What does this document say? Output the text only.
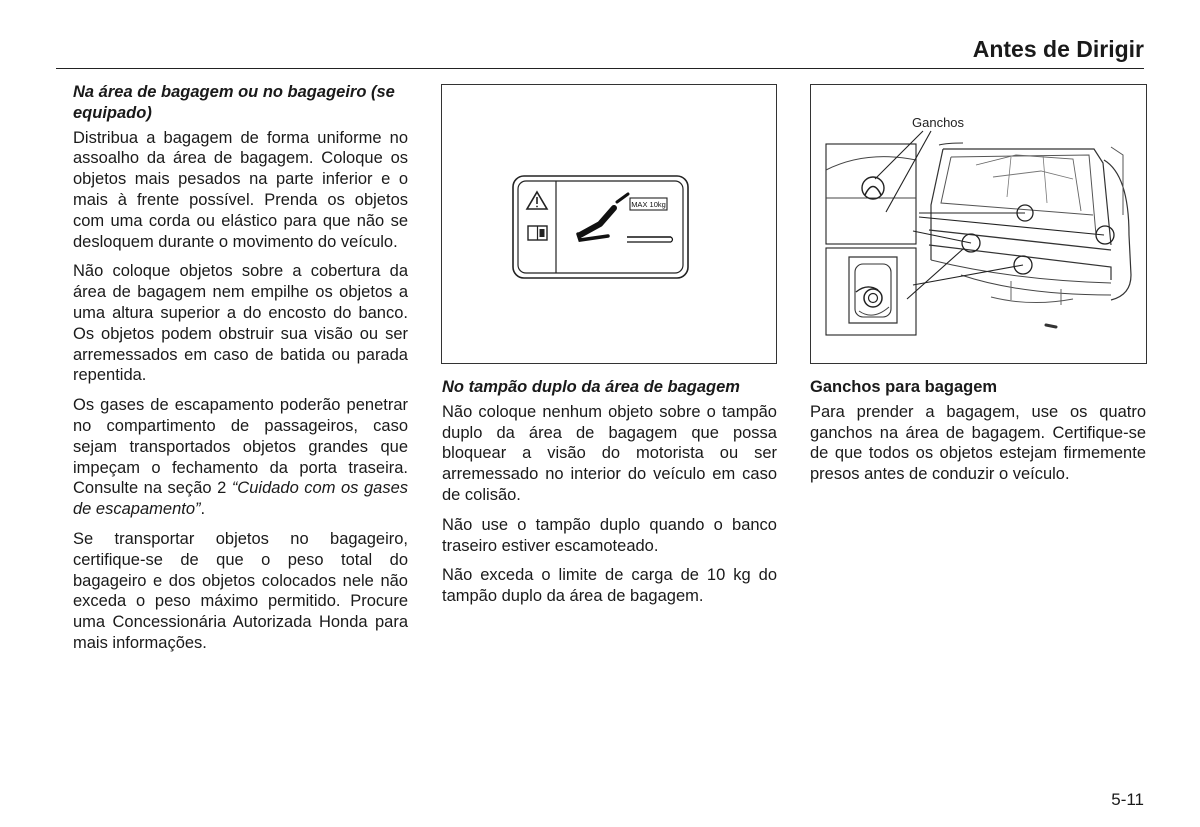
Antes de Dirigir
Na área de bagagem ou no bagageiro (se equipado)

Distribua a bagagem de forma uniforme no assoalho da área de bagagem. Coloque os objetos mais pesados na parte inferior e o mais à frente possível. Prenda os objetos com uma corda ou elástico para que não se desloquem durante o movimento do veículo.

Não coloque objetos sobre a cobertura da área de bagagem nem empilhe os objetos a uma altura superior a do encosto do banco. Os objetos podem obstruir sua visão ou ser arremessados em caso de batida ou parada repentida.

Os gases de escapamento poderão penetrar no compartimento de passageiros, caso sejam transportados objetos grandes que impeçam o fechamento da porta traseira. Consulte na seção 2 “Cuidado com os gases de escapamento”.

Se transportar objetos no bagageiro, certifique-se de que o peso total do bagageiro e dos objetos colocados nele não exceda o peso máximo permitido. Procure uma Concessionária Autorizada Honda para mais informações.

MAX 10kg
Ganchos
No tampão duplo da área de bagagem

Não coloque nenhum objeto sobre o tampão duplo da área de bagagem que possa bloquear a visão do motorista ou ser arremessado no interior do veículo em caso de colisão.

Não use o tampão duplo quando o banco traseiro estiver escamoteado.

Não exceda o limite de carga de 10 kg do tampão duplo da área de bagagem.

Ganchos para bagagem

Para prender a bagagem, use os quatro ganchos na área de bagagem. Certifique-se de que todos os objetos estejam firmemente presos antes de conduzir o veículo.

5-11
